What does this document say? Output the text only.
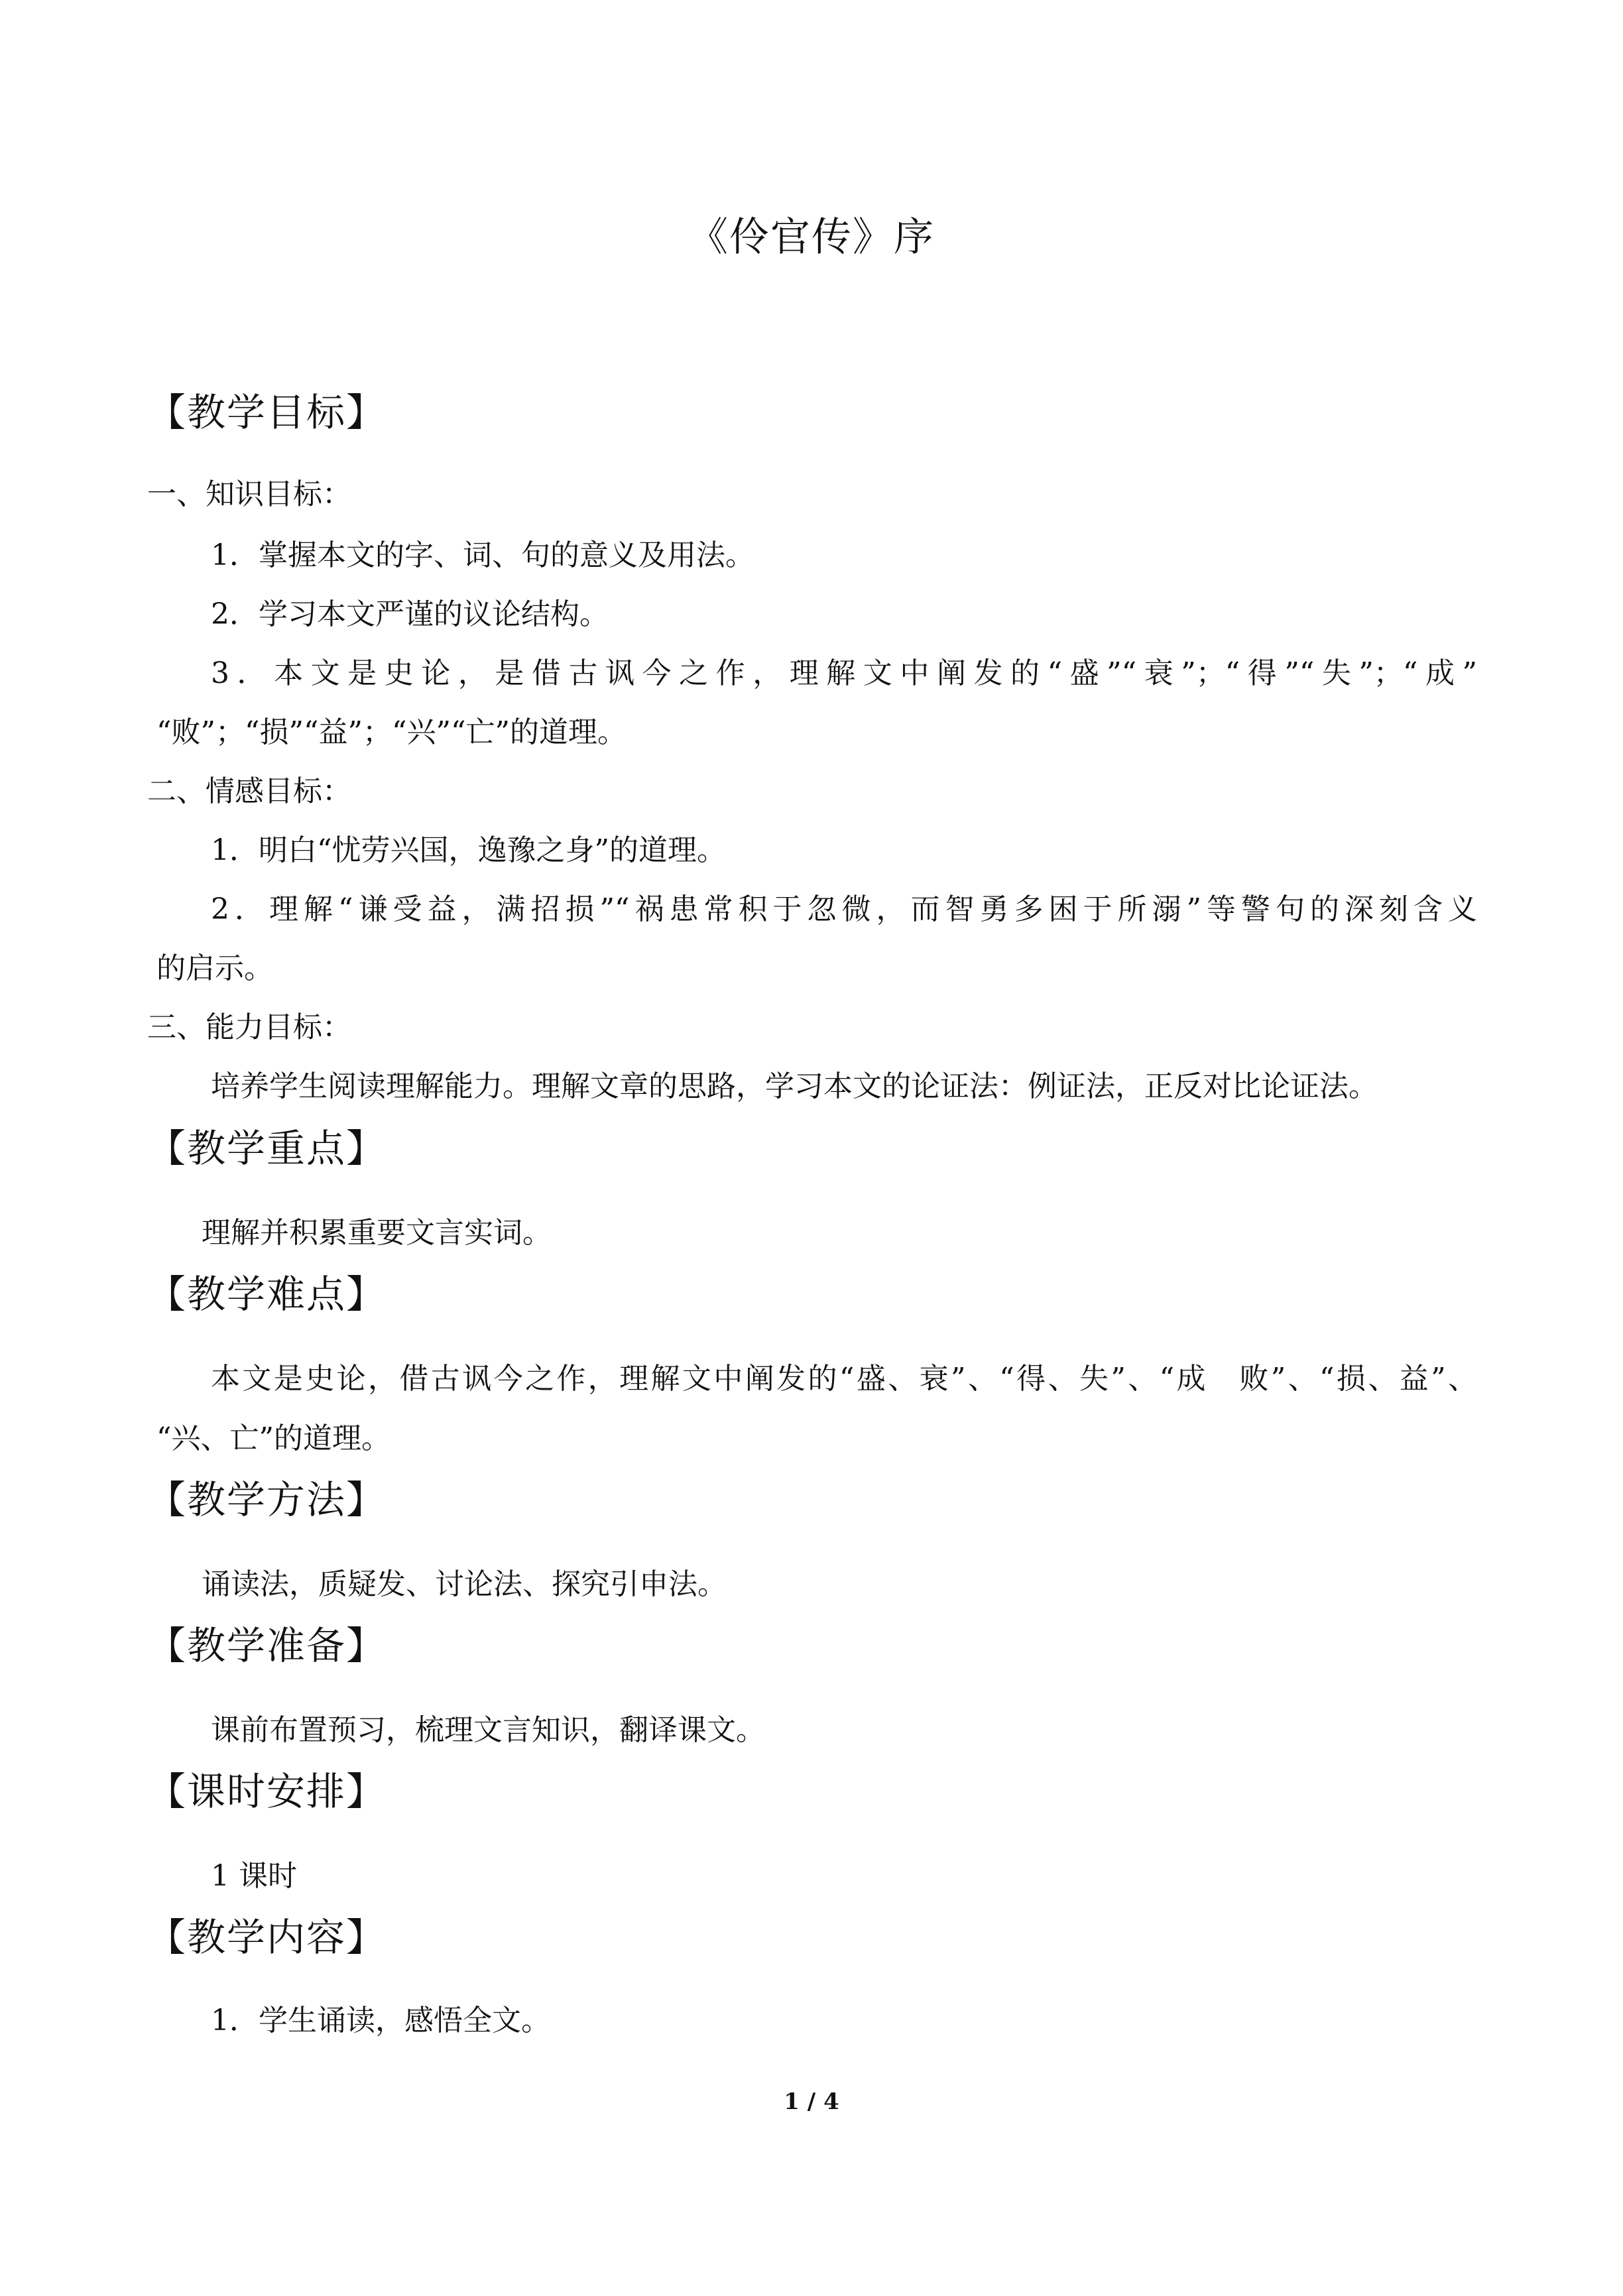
《伶官传》序
【教学目标】
一、知识目标：
1．掌握本文的字、词、句的意义及用法。
2．学习本文严谨的议论结构。
3．本文是史论，是借古讽今之作，理解文中阐发的“盛”“衰”；“得”“失”；“成”
“败”；“损”“益”；“兴”“亡”的道理。
二、情感目标：
1．明白“忧劳兴国，逸豫之身”的道理。
2．理解“谦受益，满招损”“祸患常积于忽微，而智勇多困于所溺”等警句的深刻含义
的启示。
三、能力目标：
培养学生阅读理解能力。理解文章的思路，学习本文的论证法：例证法，正反对比论证法。
【教学重点】
理解并积累重要文言实词。
【教学难点】
本文是史论，借古讽今之作，理解文中阐发的“盛、衰”、“得、失”、“成　败”、“损、益”、
“兴、亡”的道理。
【教学方法】
诵读法，质疑发、讨论法、探究引申法。
【教学准备】
课前布置预习，梳理文言知识，翻译课文。
【课时安排】
1 课时
【教学内容】
1．学生诵读，感悟全文。
1 / 4
